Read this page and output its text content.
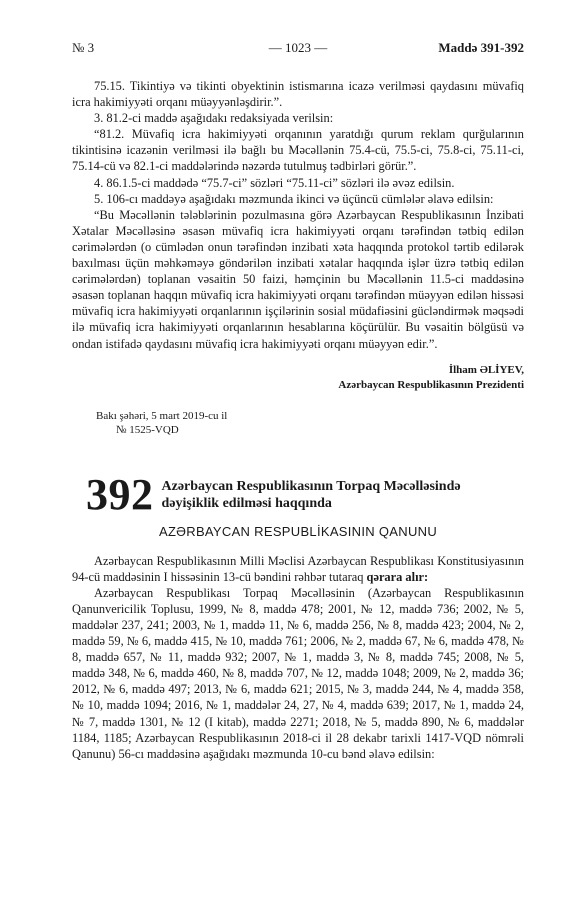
№ 3	— 1023 —	Maddə 391-392

75.15. Tikintiyə və tikinti obyektinin istismarına icazə verilməsi qaydasını müvafiq icra hakimiyyəti orqanı müəyyənləşdirir.”.

3. 81.2-ci maddə aşağıdakı redaksiyada verilsin:

“81.2. Müvafiq icra hakimiyyəti orqanının yaratdığı qurum reklam qurğularının tikintisinə icazənin verilməsi ilə bağlı bu Məcəllənin 75.4-cü, 75.5-ci, 75.8-ci, 75.11-ci, 75.14-cü və 82.1-ci maddələrində nəzərdə tutulmuş tədbirləri görür.”.

4. 86.1.5-ci maddədə “75.7-ci” sözləri “75.11-ci” sözləri ilə əvəz edilsin.

5. 106-cı maddəyə aşağıdakı məzmunda ikinci və üçüncü cümlələr əlavə edilsin:

“Bu Məcəllənin tələblərinin pozulmasına görə Azərbaycan Respublikasının İnzibati Xətalar Məcəlləsinə əsasən müvafiq icra hakimiyyəti orqanı tərəfindən tətbiq edilən cərimələrdən (o cümlədən onun tərəfindən inzibati xəta haqqında protokol tərtib edilərək baxılması üçün məhkəməyə göndərilən inzibati xətalar haqqında işlər üzrə tətbiq edilən cərimələrdən) toplanan vəsaitin 50 faizi, həmçinin bu Məcəllənin 11.5-ci maddəsinə əsasən toplanan haqqın müvafiq icra hakimiyyəti orqanı tərəfindən müəyyən edilən hissəsi müvafiq icra hakimiyyəti orqanlarının işçilərinin sosial müdafiəsini gücləndirmək məqsədi ilə müvafiq icra hakimiyyəti orqanlarının hesablarına köçürülür. Bu vəsaitin bölgüsü və ondan istifadə qaydasını müvafiq icra hakimiyyəti orqanı müəyyən edir.”.

İlham ƏLİYEV,
Azərbaycan Respublikasının Prezidenti
Bakı şəhəri, 5 mart 2019-cu il
№ 1525-VQD
392 Azərbaycan Respublikasının Torpaq Məcəlləsində
dəyişiklik edilməsi haqqında
AZƏRBAYCAN RESPUBLİKASININ QANUNU

Azərbaycan Respublikasının Milli Məclisi Azərbaycan Respublikası Konstitusiyasının 94-cü maddəsinin I hissəsinin 13-cü bəndini rəhbər tutaraq qərara alır:

Azərbaycan Respublikası Torpaq Məcəlləsinin (Azərbaycan Respublikasının Qanunvericilik Toplusu, 1999, № 8, maddə 478; 2001, № 12, maddə 736; 2002, № 5, maddələr 237, 241; 2003, № 1, maddə 11, № 6, maddə 256, № 8, maddə 423; 2004, № 2, maddə 59, № 6, maddə 415, № 10, maddə 761; 2006, № 2, maddə 67, № 6, maddə 478, № 8, maddə 657, № 11, maddə 932; 2007, № 1, maddə 3, № 8, maddə 745; 2008, № 5, maddə 348, № 6, maddə 460, № 8, maddə 707, № 12, maddə 1048; 2009, № 2, maddə 36; 2012, № 6, maddə 497; 2013, № 6, maddə 621; 2015, № 3, maddə 244, № 4, maddə 358, № 10, maddə 1094; 2016, № 1, maddələr 24, 27, № 4, maddə 639; 2017, № 1, maddə 24, № 7, maddə 1301, № 12 (I kitab), maddə 2271; 2018, № 5, maddə 890, № 6, maddələr 1184, 1185; Azərbaycan Respublikasının 2018-ci il 28 dekabr tarixli 1417-VQD nömrəli Qanunu) 56-cı maddəsinə aşağıdakı məzmunda 10-cu bənd əlavə edilsin:
